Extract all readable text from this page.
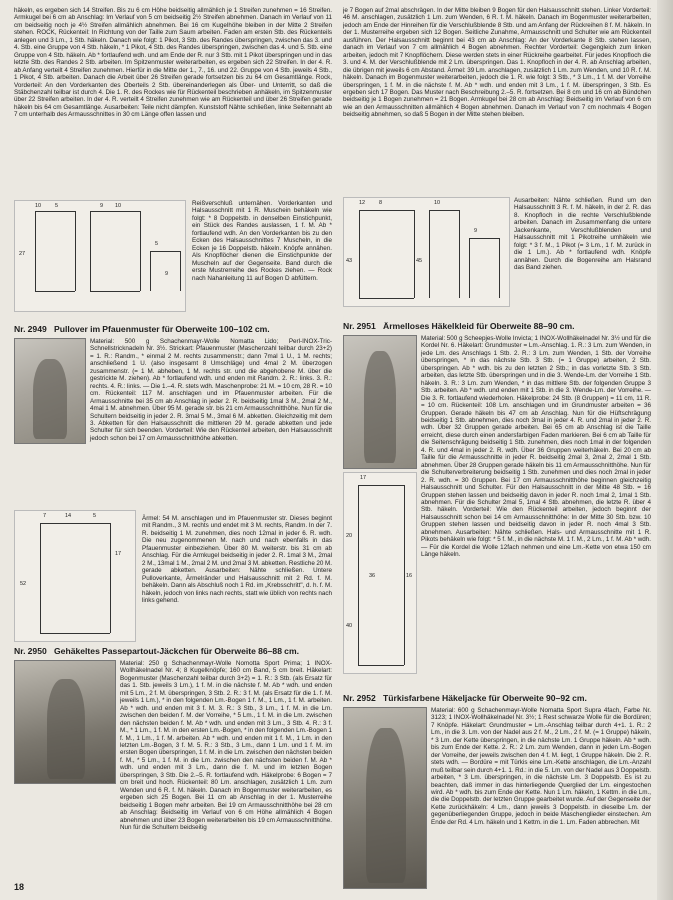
häkeln, es ergeben sich 14 Streifen. Bis zu 6 cm Höhe beidseitig allmählich je 1 Streifen zunehmen = 16 Streifen. Armkugel bei 6 cm ab Anschlag: Im Verlauf von 5 cm beidseitig 2½ Streifen abnehmen. Danach im Verlauf von 11 cm beidseitig noch je 4½ Streifen allmählich abnehmen. Bei 16 cm Kugelhöhe bleiben in der Mitte 2 Streifen stehen. ROCK, Rückenteil: In Richtung von der Taille zum Saum arbeiten. Faden am ersten Stb. des Rückenteils anlegen und 3 Lm., 1 Stb. häkeln. Danach wie folgt: 1 Pikot, 3 Stb. des Randes überspringen, zwischen das 3. und 4. Stb. eine Gruppe von 4 Stb. häkeln, * 1 Pikot, 4 Stb. des Randes überspringen, zwischen das 4. und 5. Stb. eine Gruppe von 4 Stb. häkeln. Ab * fortlaufend wdh. und am Ende der R. nur 3 Stb. mit 1 Pikot überspringen und in das letzte Stb. des Randes 2 Stb. arbeiten. Im Spitzenmuster weiterarbeiten, es ergeben sich 22 Streifen. In der 4. R. ab Anfang verteilt 4 Streifen zunehmen. Hierfür in die Mitte der 1., 7., 16. und 22. Gruppe von 4 Stb. jeweils 4 Stb., 1 Pikot, 4 Stb. arbeiten. Danach die Arbeit über 26 Streifen gerade fortsetzen bis zu 64 cm Gesamtlänge. Rock, Vorderteil: An den Vorderkanten des Oberteils 2 Stb. übereinanderlegen als Über- und Unterritt, so daß die Stäbchenzahl teilbar ist durch 4. Die 1. R. des Rockes wie für Rückenteil beschrieben anhäkeln, im Spitzenmuster über 22 Streifen arbeiten. In der 4. R. verteilt 4 Streifen zunehmen wie am Rückenteil und über 26 Streifen gerade häkeln bis 64 cm Gesamtlänge. Ausarbeiten: Teile nicht dämpfen. Kunststoff Nähte schließen, linke Seitennaht ab 7 cm unterhalb des Armausschnittes in 30 cm Länge offen lassen und

10	5	9 10
27
5
9

Reißverschluß unternähen. Vorderkanten und Halsausschnitt mit 1 R. Muschein behäkeln wie folgt: * 8 Doppelstb. in denselben Einstichpunkt, ein Stück des Randes auslassen, 1 f. M. Ab * fortlaufend wdh. An den Vorderkanten bis zu den Ecken des Halsausschnittes 7 Muscheln, in die Ecken je 16 Doppelstb. häkeln. Knöpfe annähen. Als Knopflöcher dienen die Einstichpunkte der Muscheln auf der Gegenseite. Band durch die erste Mustrerreihe des Rockes ziehen. — Rock nach Nahanleitung 11 auf Bogen D abfüttern.

Nr. 2949 Pullover im Pfauenmuster für Oberweite 100–102 cm.

Material: 500 g Schachenmayr-Wolle Nomatta Lido; Perl-INOX-Tric-Schnellstricknadeln Nr. 3½. Strickart: Pfauenmuster (Maschenzahl teilbar durch 23+2) = 1. R.: Randm., * einmal 2 M. rechts zusammenstr.; dann 7mal 1 U., 1 M. rechts; anschließend 1 U. (also insgesamt 8 Umschläge) und 4mal 2 M. überzogen zusammenstr. (= 1 M. abheben, 1 M. rechts str. und die abgehobene M. über die gestrickte M. ziehen). Ab * fortlaufend wdh. und enden mit Randm. 2. R.: links. 3. R.: rechts. 4. R.: links. — Die 1.–4. R. stets wdh. Maschenprobe: 21 M. = 10 cm, 28 R. = 10 cm. Rückenteil: 117 M. anschlagen und im Pfauenmuster arbeiten. Für die Armausschnitte bei 35 cm ab Anschlag in jeder 2. R. beidseitig 1mal 3 M., 2mal 2 M., 4mal 1 M. abnehmen. Über 95 M. gerade str. bis 21 cm Armausschnitthöhe. Nun für die Schultern beidseitig in jeder 2. R. 3mal 5 M., 3mal 6 M. abketten. Gleichzeitig mit dem 3. Abketten für den Halsausschnitt die mittleren 29 M. gerade abketten und jede Schulter für sich beenden. Vorderteil: Wie den Rückenteil arbeiten, den Halsausschnitt jedoch schon bei 17 cm Armausschnitthöhe abketten.

7	14	5
52
17

Ärmel: 54 M. anschlagen und im Pfauenmuster str. Dieses beginnt mit Randm., 3 M. rechts und endet mit 3 M. rechts, Randm. In der 7. R. beidseitig 1 M. zunehmen, dies noch 12mal in jeder 6. R. wdh. Die neu zugenommenen M. nach und nach ebenfalls in das Pfauenmuster einbeziehen. Über 80 M. weiterstr. bis 31 cm ab Anschlag. Für die Armkugel beidseitig in jeder 2. R. 1mal 3 M., 2mal 2 M., 13mal 1 M., 2mal 2 M. und 2mal 3 M. abketten. Restliche 20 M. gerade abketten. Ausarbeiten: Nähte schließen. Untere Pulloverkante, Ärmelränder und Halsausschnitt mit 2 Rd. f. M. behäkeln. Dann als Abschluß noch 1 Rd. im „Krebsschritt", d. h. f. M. häkeln, jedoch von links nach rechts, statt wie üblich von rechts nach links gehend.

Nr. 2950 Gehäkeltes Passepartout-Jäckchen für Oberweite 86–88 cm.

Material: 250 g Schachenmayr-Wolle Nomotta Sport Prima; 1 INOX-Wollhäkelnadel Nr. 4; 8 Kugelknöpfe; 160 cm Band, 5 cm breit. Häkelart: Bogenmuster (Maschenzahl teilbar durch 3+2) = 1. R.: 3 Stb. (als Ersatz für das 1. Stb. jeweils 3 Lm.), 1 f. M. in die nächste f. M. Ab * wdh. und enden mit 5 Lm., 2 f. M. überspringen, 3 Stb. 2. R.: 3 f. M. (als Ersatz für die 1. f. M. jeweils 1 Lm.), * in den folgenden Lm.-Bogen 1 f. M., 1 Lm., 1 f. M. arbeiten. Ab * wdh. und enden mit 3 f. M. 3. R.: 3 Stb., 3 Lm., 1 f. M. in die Lm. zwischen den beiden f. M. der Vorreihe, * 5 Lm., 1 f. M. in die Lm. zwischen den nächsten beiden f. M. Ab * wdh. und enden mit 3 Lm., 3 Stb. 4. R.: 3 f. M., * 1 Lm., 1 f. M. in den ersten Lm.-Bogen, * in den folgenden Lm.-Bogen 1 f. M., 1 Lm., 1 f. M. arbeiten. Ab * wdh. und enden mit 1 f. M., 1 Lm. in den letzten Lm.-Bogen, 3 f. M. 5. R.: 3 Stb., 3 Lm., dann 1 Lm. und 1 f. M. im ersten Bogen überspringen, 1 f. M. in die Lm. zwischen den nächsten beiden f. M., * 5 Lm., 1 f. M. in die Lm. zwischen den nächsten beiden f. M. Ab * wdh. und enden mit 3 Lm., dann die f. M. und im letzten Bogen überspringen, 3 Stb. Die 2.–5. R. fortlaufend wdh. Häkelprobe: 6 Bogen = 7 cm breit und hoch. Rückenteil: 80 Lm. anschlagen, zusätzlich 1 Lm. zum Wenden und 6 R. f. M. häkeln. Danach im Bogenmuster weiterarbeiten, es ergeben sich 25 Bogen. Bei 11 cm ab Anschlag in der 1. Musterreihe beidseitig 1 Bogen mehr arbeiten. Bei 19 cm Armausschnitthöhe bei 28 cm ab Anschlag: Beidseitig im Verlauf von 6 cm Höhe allmählich 4 Bogen abnehmen und über 23 Bogen weiterarbeiten bis 19 cm Armausschnitthöhe. Nun für die Schultern beidseitig

je 7 Bogen auf 2mal abschrägen. In der Mitte bleiben 9 Bogen für den Halsausschnitt stehen. Linker Vorderteil: 46 M. anschlagen, zusätzlich 1 Lm. zum Wenden, 6 R. f. M. häkeln. Danach im Bogenmuster weiterarbeiten, jedoch am Ende der Hinreihen für die Verschlußblende 8 Stb. und am Anfang der Rückreihen 8 f. M. häkeln. In der 1. Musterreihe ergeben sich 12 Bogen. Seitliche Zunahme, Armausschnitt und Schulter wie am Rückenteil ausführen. Der Halsausschnitt beginnt bei 43 cm ab Anschlag: An der Vorderkante 8 Stb. stehen lassen, danach im Verlauf von 7 cm allmählich 4 Bogen abnehmen. Rechter Vorderteil: Gegengleich zum linken arbeiten, jedoch mit 7 Knopflöchern. Diese werden stets in einer Rückreihe gearbeitet. Für jedes Knopfloch die 3. und 4. M. der Verschlußblende mit 2 Lm. überspringen. Das 1. Knopfloch in der 4. R. ab Anschlag arbeiten, die übrigen mit jeweils 6 cm Abstand. Ärmel: 39 Lm. anschlagen, zusätzlich 1 Lm. zum Wenden, und 10 R. f. M. häkeln. Danach im Bogenmuster weiterarbeiten, jedoch die 1. R. wie folgt: 3 Stb., * 3 Lm., 1 f. M. der Vorreihe überspringen, 1 f. M. in die nächste f. M. Ab * wdh. und enden mit 3 Lm., 1 f. M. überspringen, 3 Stb. Es ergeben sich 17 Bogen. Das Muster nach Beschreibung 2.–5. R. fortsetzen. Bei 8 cm und 16 cm ab Bündchen beidseitig je 1 Bogen zunehmen = 21 Bogen. Armkugel bei 28 cm ab Anschlag: Beidseitig im Verlauf von 6 cm wie an den Armausschnitten allmählich 4 Bogen abnehmen. Danach im Verlauf von 7 cm nochmals 4 Bogen beidseitig abnehmen, so daß 5 Bogen in der Mitte stehen bleiben.

12	8	10
9
43	45

Ausarbeiten: Nähte schließen. Rund um den Halsausschnitt 3 R. f. M. häkeln, in der 2. R. das 8. Knopfloch in die rechte Verschlußblende arbeiten. Danach im Zusammenfang die untere Jackenkante, Verschlußblenden und Halsausschnitt mit 1 Pikotreihe umhäkeln wie folgt: * 3 f. M., 1 Pikot (= 3 Lm., 1 f. M. zurück in die 1 Lm.). Ab * fortlaufend wdh. Knöpfe annähen. Durch die Bogenreihe am Halsrand das Band ziehen.

Nr. 2951 Ärmelloses Häkelkleid für Oberweite 88–90 cm.

Material: 500 g Scheepjes-Wolle Invicta; 1 INOX-Wollhäkelnadel Nr. 3½ und für die Kordel Nr. 6. Häkelart: Grundmuster = Lm.-Anschlag. 1. R.: 3 Lm. zum Wenden, in jede Lm. des Anschlags 1 Stb. 2. R.: 3 Lm. zum Wenden, 1 Stb. der Vorreihe überspringen, * in das nächste Stb. 3 Stb. (= 1 Gruppe) arbeiten, 2 Stb. überspringen. Ab * wdh. bis zu den letzten 2 Stb.; in das vorletzte Stb. 3 Stb. arbeiten, das letzte Stb. überspringen und in die 3. Wende-Lm. der Vorreihe 1 Stb. häkeln. 3. R.: 3 Lm. zum Wenden, * in das mittlere Stb. der folgenden Gruppe 3 Stb. arbeiten. Ab * wdh. und enden mit 1 Stb. in die 3. Wende-Lm. der Vorreihe. — Die 3. R. fortlaufend wiederholen. Häkelprobe: 24 Stb. (8 Gruppen) = 11 cm, 11 R. = 10 cm. Rückenteil: 108 Lm. anschlagen und im Grundmuster arbeiten = 36 Gruppen. Gerade häkeln bis 47 cm ab Anschlag. Nun für die Hüftschrägung beidseitig 1 Stb. abnehmen, dies noch 3mal in jeder 4. R. und 2mal in jeder 2. R. wdh. Über 32 Gruppen gerade arbeiten. Bei 65 cm ab Anschlag ist die Taille erreicht, diese durch einen andersfarbigen Faden markieren. Bei 6 cm ab Taille für die Seitenschrägung beidseitig 1 Stb. zunehmen, dies noch 1mal in der folgenden 4. R. und 4mal in jeder 2. R. wdh. Über 36 Gruppen weiterhäkeln. Bei 20 cm ab Taille für die Armausschnitte in jeder R. beidseitig 2mal 3, 2mal 2, 2mal 1 Stb. abnehmen. Über 28 Gruppen gerade häkeln bis 11 cm Armausschnitthöhe. Nun für die Schulterverbreiterung beidseitig 1 Stb. zunehmen und dies noch 2mal in jeder 2. R. wdh. = 30 Gruppen. Bei 17 cm Armausschnitthöhe beginnen gleichzeitig Halsausschnitt und Schulter. Für den Halsausschnitt in der Mitte 48 Stb. = 16 Gruppen stehen lassen und beidseitig davon in jeder R. noch 1mal 2, 1mal 1 Stb. abnehmen. Für die Schulter 2mal 5, 1mal 4 Stb. abnehmen, die letzte R. über 4 Stb. häkeln. Vorderteil: Wie den Rückenteil arbeiten, jedoch beginnt der Halsausschnitt schon bei 14 cm Armausschnitthöhe: In der Mitte 30 Stb. bzw. 10 Gruppen stehen lassen und beidseitig davon in jeder R. noch 4mal 3 Stb. abnehmen. Ausarbeiten: Nähte schließen. Hals- und Armausschnitte mit 1 R. Pikots behäkeln wie folgt: * 5 f. M., in die nächste M. 1 f. M., 2 Lm., 1 f. M. Ab * wdh. — Für die Kordel die Wolle 12fach nehmen und eine Lm.-Kette von etwa 150 cm Länge häkeln.

17
20
16
36
40
Nr. 2952 Türkisfarbene Häkeljacke für Oberweite 90–92 cm.

Material: 600 g Schachenmayr-Wolle Nomatta Sport Supra 4fach, Farbe Nr. 3123; 1 INOX-Wollhäkelnadel Nr. 3½; 1 Rest schwarze Wolle für die Bordüren; 7 Knöpfe. Häkelart: Grundmuster = Lm.-Anschlag teilbar durch 4+1. 1. R.: 2 Lm., in die 3. Lm. von der Nadel aus 2 f. M., 2 Lm., 2 f. M. (= 1 Gruppe) häkeln, * 3 Lm. der Kette überspringen, in die nächste Lm. 1 Gruppe häkeln. Ab * wdh. bis zum Ende der Kette. 2. R.: 2 Lm. zum Wenden, dann in jeden Lm.-Bogen der Vorreihe, der jeweils zwischen den 4 f. M. liegt, 1 Gruppe häkeln. Die 2. R. stets wdh. — Bordüre = mit Türkis eine Lm.-Kette anschlagen, die Lm.-Anzahl muß teilbar sein durch 4+1. 1. Rd.: in die 5. Lm. von der Nadel aus 3 Doppelstb. arbeiten, * 3 Lm. überspringen, in die nächste Lm. 3 Doppelstb. Es ist zu beachten, daß immer in das hinterliegende Querglied der Lm. eingestochen wird. Ab * wdh. bis zum Ende der Kette. Nun 1 Lm. häkeln, 1 Kettm. in die Lm., die die Doppelstb. der letzten Gruppe gearbeitet wurde. Auf der Gegenseite der Kette zurückhäkeln: 4 Lm., dann jeweils 3 Doppelstb. in dieselbe Lm. der gegenüberliegenden Gruppe, jedoch in beide Maschenglieder einstechen. Am Ende der Rd. 4 Lm. häkeln und 1 Kettm. in die 1. Lm. Faden abbrechen. Mit

18
